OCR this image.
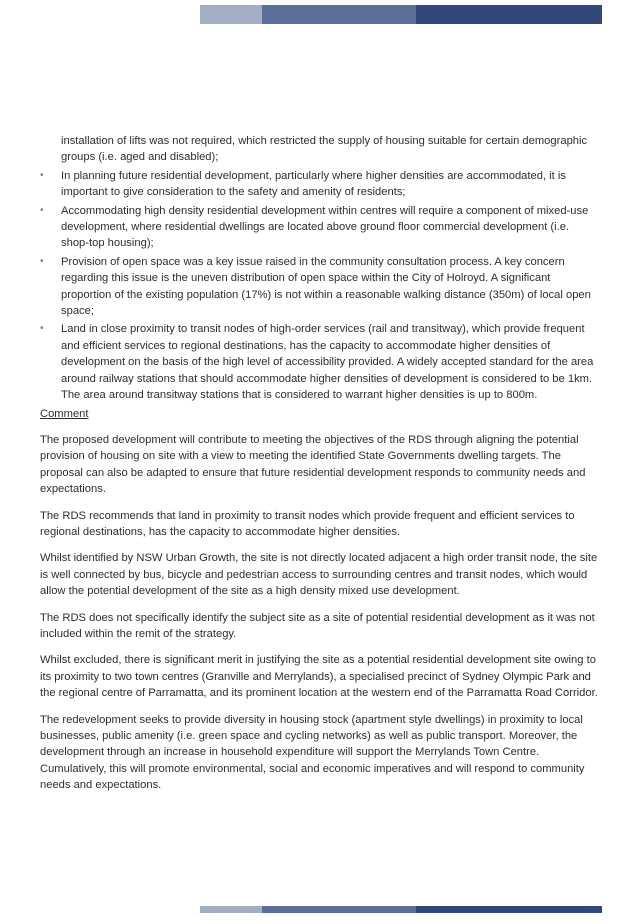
installation of lifts was not required, which restricted the supply of housing suitable for certain demographic groups (i.e. aged and disabled);
• In planning future residential development, particularly where higher densities are accommodated, it is important to give consideration to the safety and amenity of residents;
• Accommodating high density residential development within centres will require a component of mixed-use development, where residential dwellings are located above ground floor commercial development (i.e. shop-top housing);
• Provision of open space was a key issue raised in the community consultation process. A key concern regarding this issue is the uneven distribution of open space within the City of Holroyd. A significant proportion of the existing population (17%) is not within a reasonable walking distance (350m) of local open space;
• Land in close proximity to transit nodes of high-order services (rail and transitway), which provide frequent and efficient services to regional destinations, has the capacity to accommodate higher densities of development on the basis of the high level of accessibility provided. A widely accepted standard for the area around railway stations that should accommodate higher densities of development is considered to be 1km. The area around transitway stations that is considered to warrant higher densities is up to 800m.
Comment

The proposed development will contribute to meeting the objectives of the RDS through aligning the potential provision of housing on site with a view to meeting the identified State Governments dwelling targets. The proposal can also be adapted to ensure that future residential development responds to community needs and expectations.

The RDS recommends that land in proximity to transit nodes which provide frequent and efficient services to regional destinations, has the capacity to accommodate higher densities.

Whilst identified by NSW Urban Growth, the site is not directly located adjacent a high order transit node, the site is well connected by bus, bicycle and pedestrian access to surrounding centres and transit nodes, which would allow the potential development of the site as a high density mixed use development.

The RDS does not specifically identify the subject site as a site of potential residential development as it was not included within the remit of the strategy.

Whilst excluded, there is significant merit in justifying the site as a potential residential development site owing to its proximity to two town centres (Granville and Merrylands), a specialised precinct of Sydney Olympic Park and the regional centre of Parramatta, and its prominent location at the western end of the Parramatta Road Corridor.

The redevelopment seeks to provide diversity in housing stock (apartment style dwellings) in proximity to local businesses, public amenity (i.e. green space and cycling networks) as well as public transport. Moreover, the development through an increase in household expenditure will support the Merrylands Town Centre. Cumulatively, this will promote environmental, social and economic imperatives and will respond to community needs and expectations.
